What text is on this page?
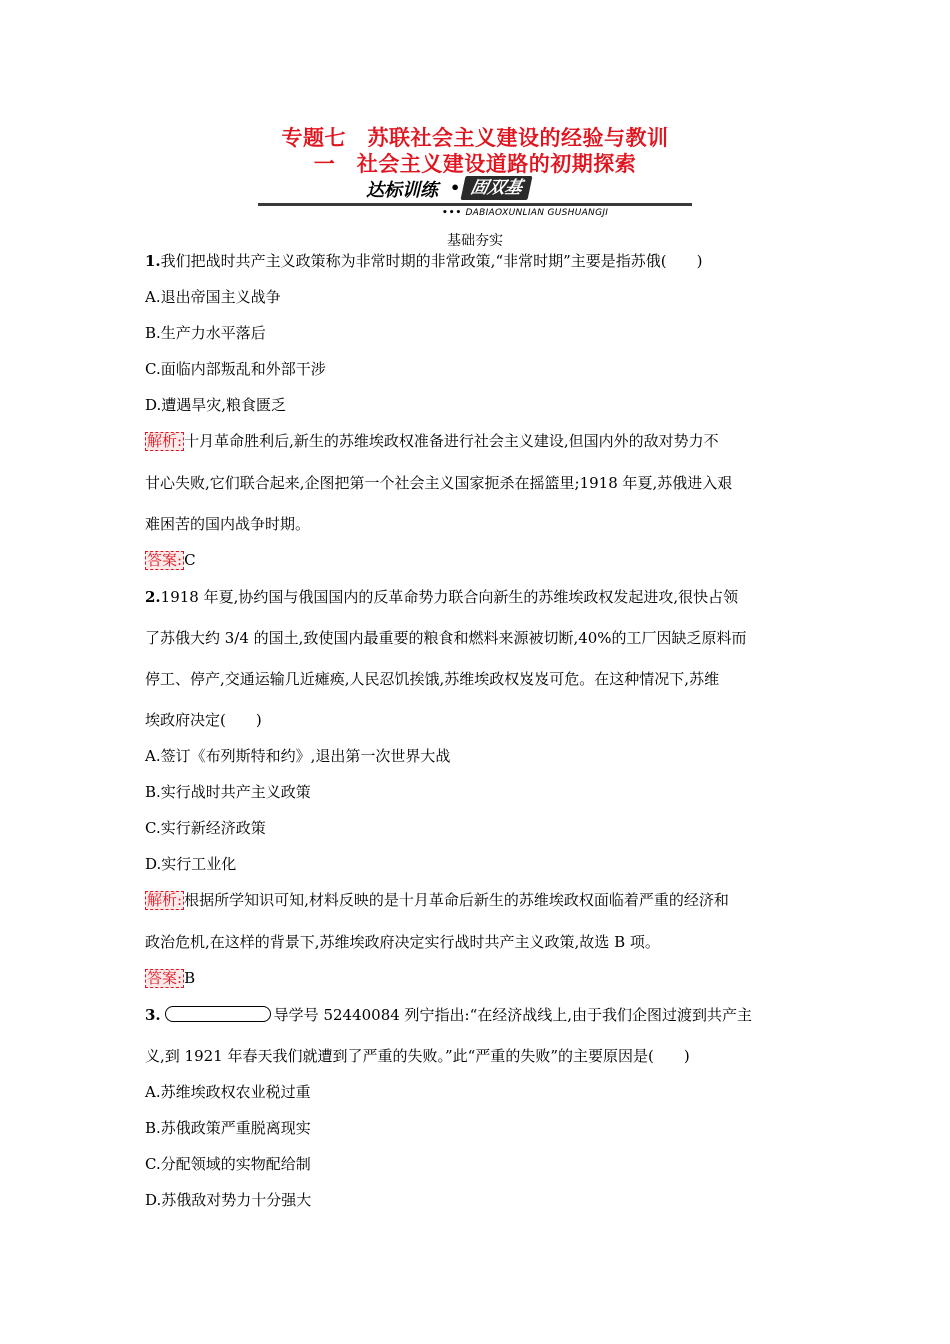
专题七　苏联社会主义建设的经验与教训
一　社会主义建设道路的初期探索
达标训练 • 固双基
••• DABIAOXUNLIAN GUSHUANGJI
基础夯实
1.我们把战时共产主义政策称为非常时期的非常政策,“非常时期”主要是指苏俄(　　)
A.退出帝国主义战争
B.生产力水平落后
C.面临内部叛乱和外部干涉
D.遭遇旱灾,粮食匮乏
解析: 十月革命胜利后,新生的苏维埃政权准备进行社会主义建设,但国内外的敌对势力不
甘心失败,它们联合起来,企图把第一个社会主义国家扼杀在摇篮里;1918 年夏,苏俄进入艰
难困苦的国内战争时期。
答案: C
2.1918 年夏,协约国与俄国国内的反革命势力联合向新生的苏维埃政权发起进攻,很快占领
了苏俄大约 3/4 的国土,致使国内最重要的粮食和燃料来源被切断,40%的工厂因缺乏原料而
停工、停产,交通运输几近瘫痪,人民忍饥挨饿,苏维埃政权岌岌可危。在这种情况下,苏维
埃政府决定(　　)
A.签订《布列斯特和约》,退出第一次世界大战
B.实行战时共产主义政策
C.实行新经济政策
D.实行工业化
解析: 根据所学知识可知,材料反映的是十月革命后新生的苏维埃政权面临着严重的经济和
政治危机,在这样的背景下,苏维埃政府决定实行战时共产主义政策,故选 B 项。
答案: B
3.	导学号 52440084 列宁指出:“在经济战线上,由于我们企图过渡到共产主
义,到 1921 年春天我们就遭到了严重的失败。”此“严重的失败”的主要原因是(　　)
A.苏维埃政权农业税过重
B.苏俄政策严重脱离现实
C.分配领域的实物配给制
D.苏俄敌对势力十分强大
